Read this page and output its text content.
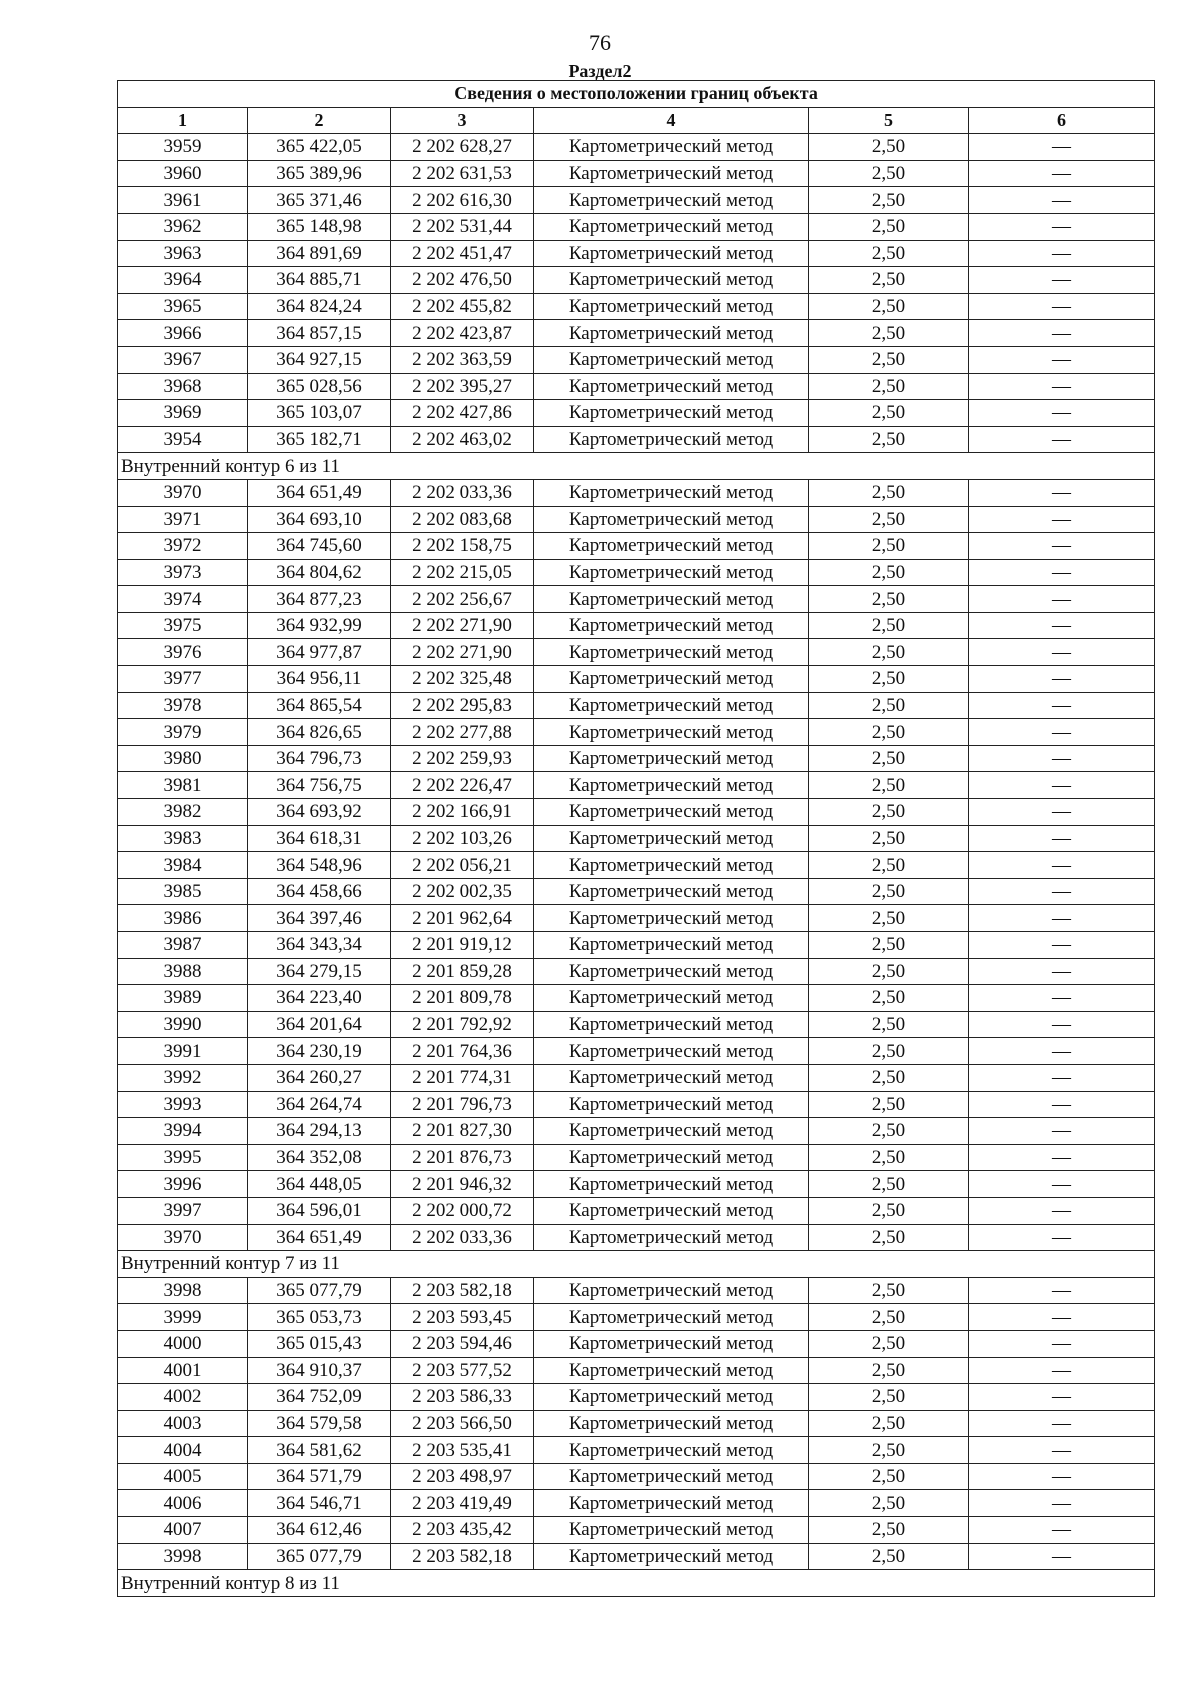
76
Раздел2
Сведения о местоположении границ объекта					
1	2	3	4	5	6
3959	365 422,05	2 202 628,27	Картометрический метод	2,50	—
3960	365 389,96	2 202 631,53	Картометрический метод	2,50	—
3961	365 371,46	2 202 616,30	Картометрический метод	2,50	—
3962	365 148,98	2 202 531,44	Картометрический метод	2,50	—
3963	364 891,69	2 202 451,47	Картометрический метод	2,50	—
3964	364 885,71	2 202 476,50	Картометрический метод	2,50	—
3965	364 824,24	2 202 455,82	Картометрический метод	2,50	—
3966	364 857,15	2 202 423,87	Картометрический метод	2,50	—
3967	364 927,15	2 202 363,59	Картометрический метод	2,50	—
3968	365 028,56	2 202 395,27	Картометрический метод	2,50	—
3969	365 103,07	2 202 427,86	Картометрический метод	2,50	—
3954	365 182,71	2 202 463,02	Картометрический метод	2,50	—
Внутренний контур 6 из 11					
3970	364 651,49	2 202 033,36	Картометрический метод	2,50	—
3971	364 693,10	2 202 083,68	Картометрический метод	2,50	—
3972	364 745,60	2 202 158,75	Картометрический метод	2,50	—
3973	364 804,62	2 202 215,05	Картометрический метод	2,50	—
3974	364 877,23	2 202 256,67	Картометрический метод	2,50	—
3975	364 932,99	2 202 271,90	Картометрический метод	2,50	—
3976	364 977,87	2 202 271,90	Картометрический метод	2,50	—
3977	364 956,11	2 202 325,48	Картометрический метод	2,50	—
3978	364 865,54	2 202 295,83	Картометрический метод	2,50	—
3979	364 826,65	2 202 277,88	Картометрический метод	2,50	—
3980	364 796,73	2 202 259,93	Картометрический метод	2,50	—
3981	364 756,75	2 202 226,47	Картометрический метод	2,50	—
3982	364 693,92	2 202 166,91	Картометрический метод	2,50	—
3983	364 618,31	2 202 103,26	Картометрический метод	2,50	—
3984	364 548,96	2 202 056,21	Картометрический метод	2,50	—
3985	364 458,66	2 202 002,35	Картометрический метод	2,50	—
3986	364 397,46	2 201 962,64	Картометрический метод	2,50	—
3987	364 343,34	2 201 919,12	Картометрический метод	2,50	—
3988	364 279,15	2 201 859,28	Картометрический метод	2,50	—
3989	364 223,40	2 201 809,78	Картометрический метод	2,50	—
3990	364 201,64	2 201 792,92	Картометрический метод	2,50	—
3991	364 230,19	2 201 764,36	Картометрический метод	2,50	—
3992	364 260,27	2 201 774,31	Картометрический метод	2,50	—
3993	364 264,74	2 201 796,73	Картометрический метод	2,50	—
3994	364 294,13	2 201 827,30	Картометрический метод	2,50	—
3995	364 352,08	2 201 876,73	Картометрический метод	2,50	—
3996	364 448,05	2 201 946,32	Картометрический метод	2,50	—
3997	364 596,01	2 202 000,72	Картометрический метод	2,50	—
3970	364 651,49	2 202 033,36	Картометрический метод	2,50	—
Внутренний контур 7 из 11					
3998	365 077,79	2 203 582,18	Картометрический метод	2,50	—
3999	365 053,73	2 203 593,45	Картометрический метод	2,50	—
4000	365 015,43	2 203 594,46	Картометрический метод	2,50	—
4001	364 910,37	2 203 577,52	Картометрический метод	2,50	—
4002	364 752,09	2 203 586,33	Картометрический метод	2,50	—
4003	364 579,58	2 203 566,50	Картометрический метод	2,50	—
4004	364 581,62	2 203 535,41	Картометрический метод	2,50	—
4005	364 571,79	2 203 498,97	Картометрический метод	2,50	—
4006	364 546,71	2 203 419,49	Картометрический метод	2,50	—
4007	364 612,46	2 203 435,42	Картометрический метод	2,50	—
3998	365 077,79	2 203 582,18	Картометрический метод	2,50	—
Внутренний контур 8 из 11					
